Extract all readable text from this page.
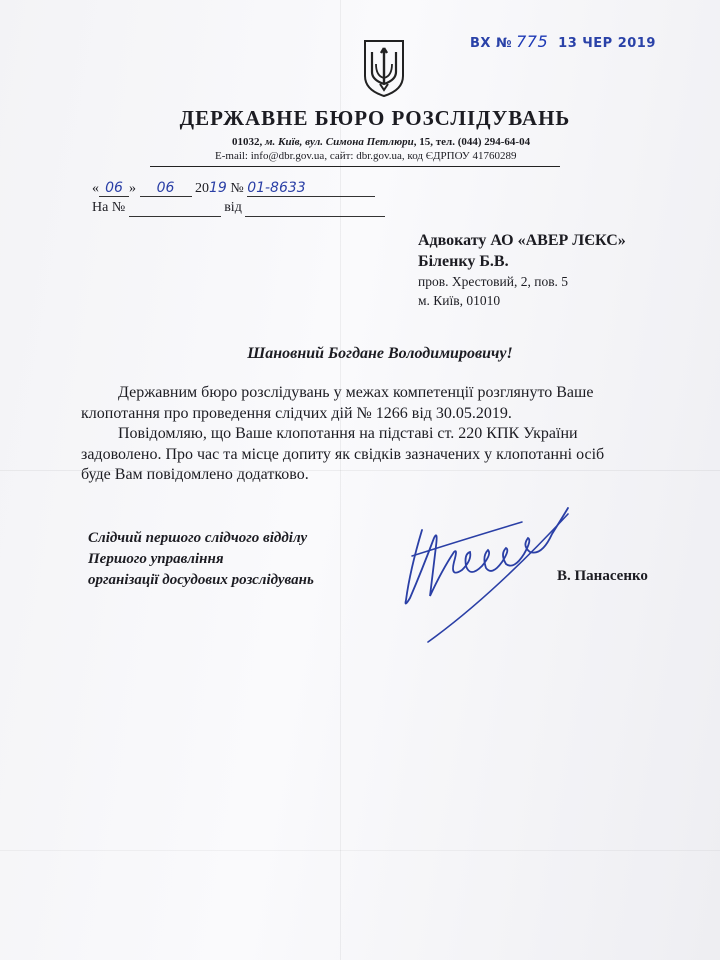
ВХ № 775 13 ЧЕР 2019
ДЕРЖАВНЕ БЮРО РОЗСЛІДУВАНЬ
01032, м. Київ, вул. Симона Петлюри, 15, тел. (044) 294-64-04
E-mail: info@dbr.gov.ua, сайт: dbr.gov.ua, код ЄДРПОУ 41760289
« 06 » 06 2019 № 01-8633
На №	від
Адвокату АО «АВЕР ЛЄКС»
Біленку Б.В.
пров. Хрестовий, 2, пов. 5
м. Київ, 01010
Шановний Богдане Володимировичу!
Державним бюро розслідувань у межах компетенції розглянуто Ваше
клопотання про проведення слідчих дій № 1266 від 30.05.2019.
Повідомляю, що Ваше клопотання на підставі ст. 220 КПК України
задоволено. Про час та місце допиту як свідків зазначених у клопотанні осіб
буде Вам повідомлено додатково.
Слідчий першого слідчого відділу
Першого управління
організації досудових розслідувань	В. Панасенко
